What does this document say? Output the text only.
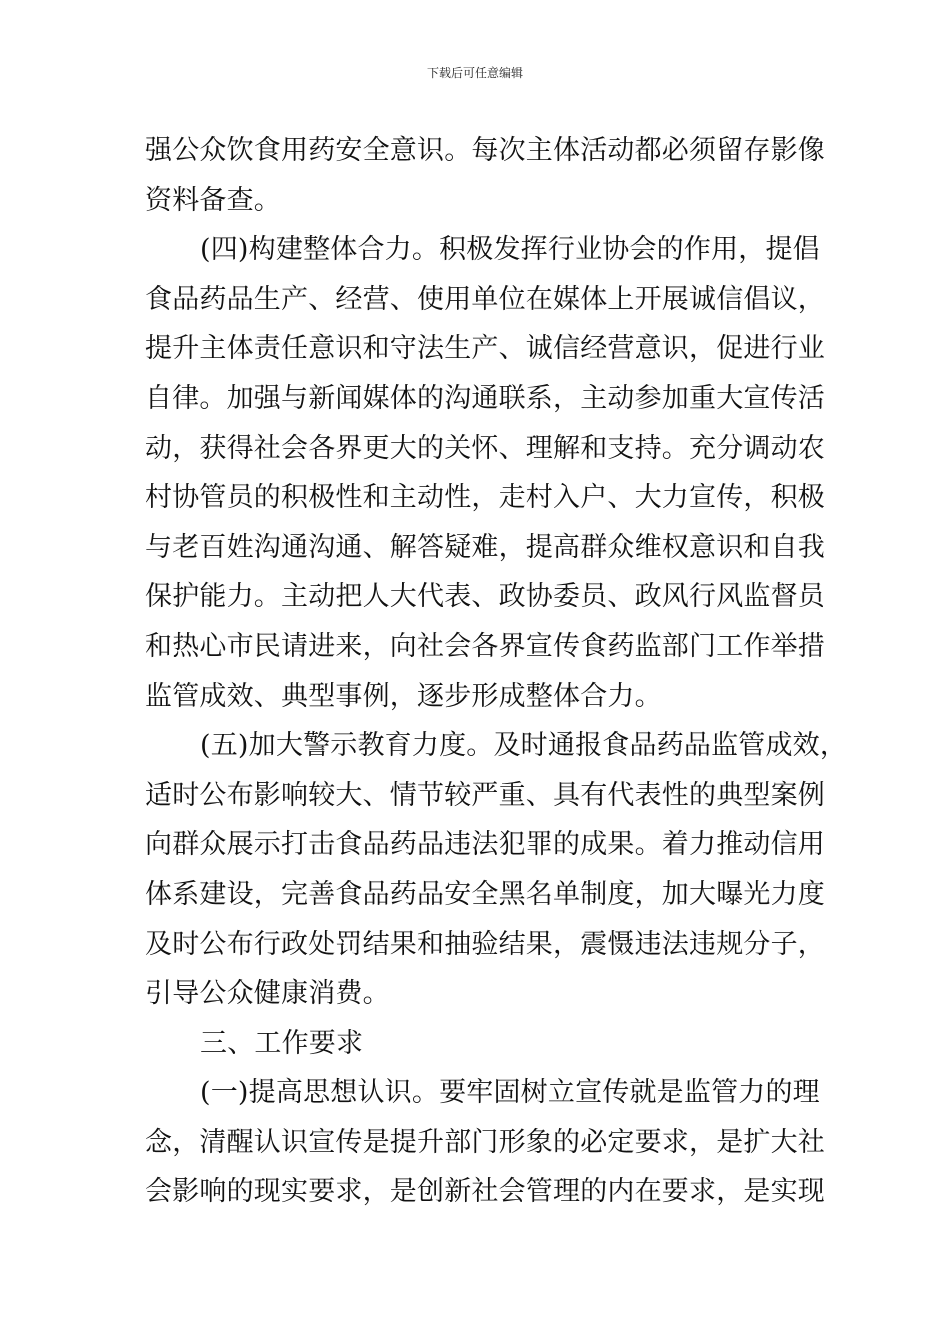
下载后可任意编辑
强公众饮食用药安全意识。每次主体活动都必须留存影像
资料备查。
(四)构建整体合力。积极发挥行业协会的作用，提倡
食品药品生产、经营、使用单位在媒体上开展诚信倡议，
提升主体责任意识和守法生产、诚信经营意识，促进行业
自律。加强与新闻媒体的沟通联系，主动参加重大宣传活
动，获得社会各界更大的关怀、理解和支持。充分调动农
村协管员的积极性和主动性，走村入户、大力宣传，积极
与老百姓沟通沟通、解答疑难，提高群众维权意识和自我
保护能力。主动把人大代表、政协委员、政风行风监督员
和热心市民请进来，向社会各界宣传食药监部门工作举措
监管成效、典型事例，逐步形成整体合力。
(五)加大警示教育力度。及时通报食品药品监管成效，
适时公布影响较大、情节较严重、具有代表性的典型案例
向群众展示打击食品药品违法犯罪的成果。着力推动信用
体系建设，完善食品药品安全黑名单制度，加大曝光力度
及时公布行政处罚结果和抽验结果，震慑违法违规分子，
引导公众健康消费。
三、工作要求
(一)提高思想认识。要牢固树立宣传就是监管力的理
念，清醒认识宣传是提升部门形象的必定要求，是扩大社
会影响的现实要求，是创新社会管理的内在要求，是实现
